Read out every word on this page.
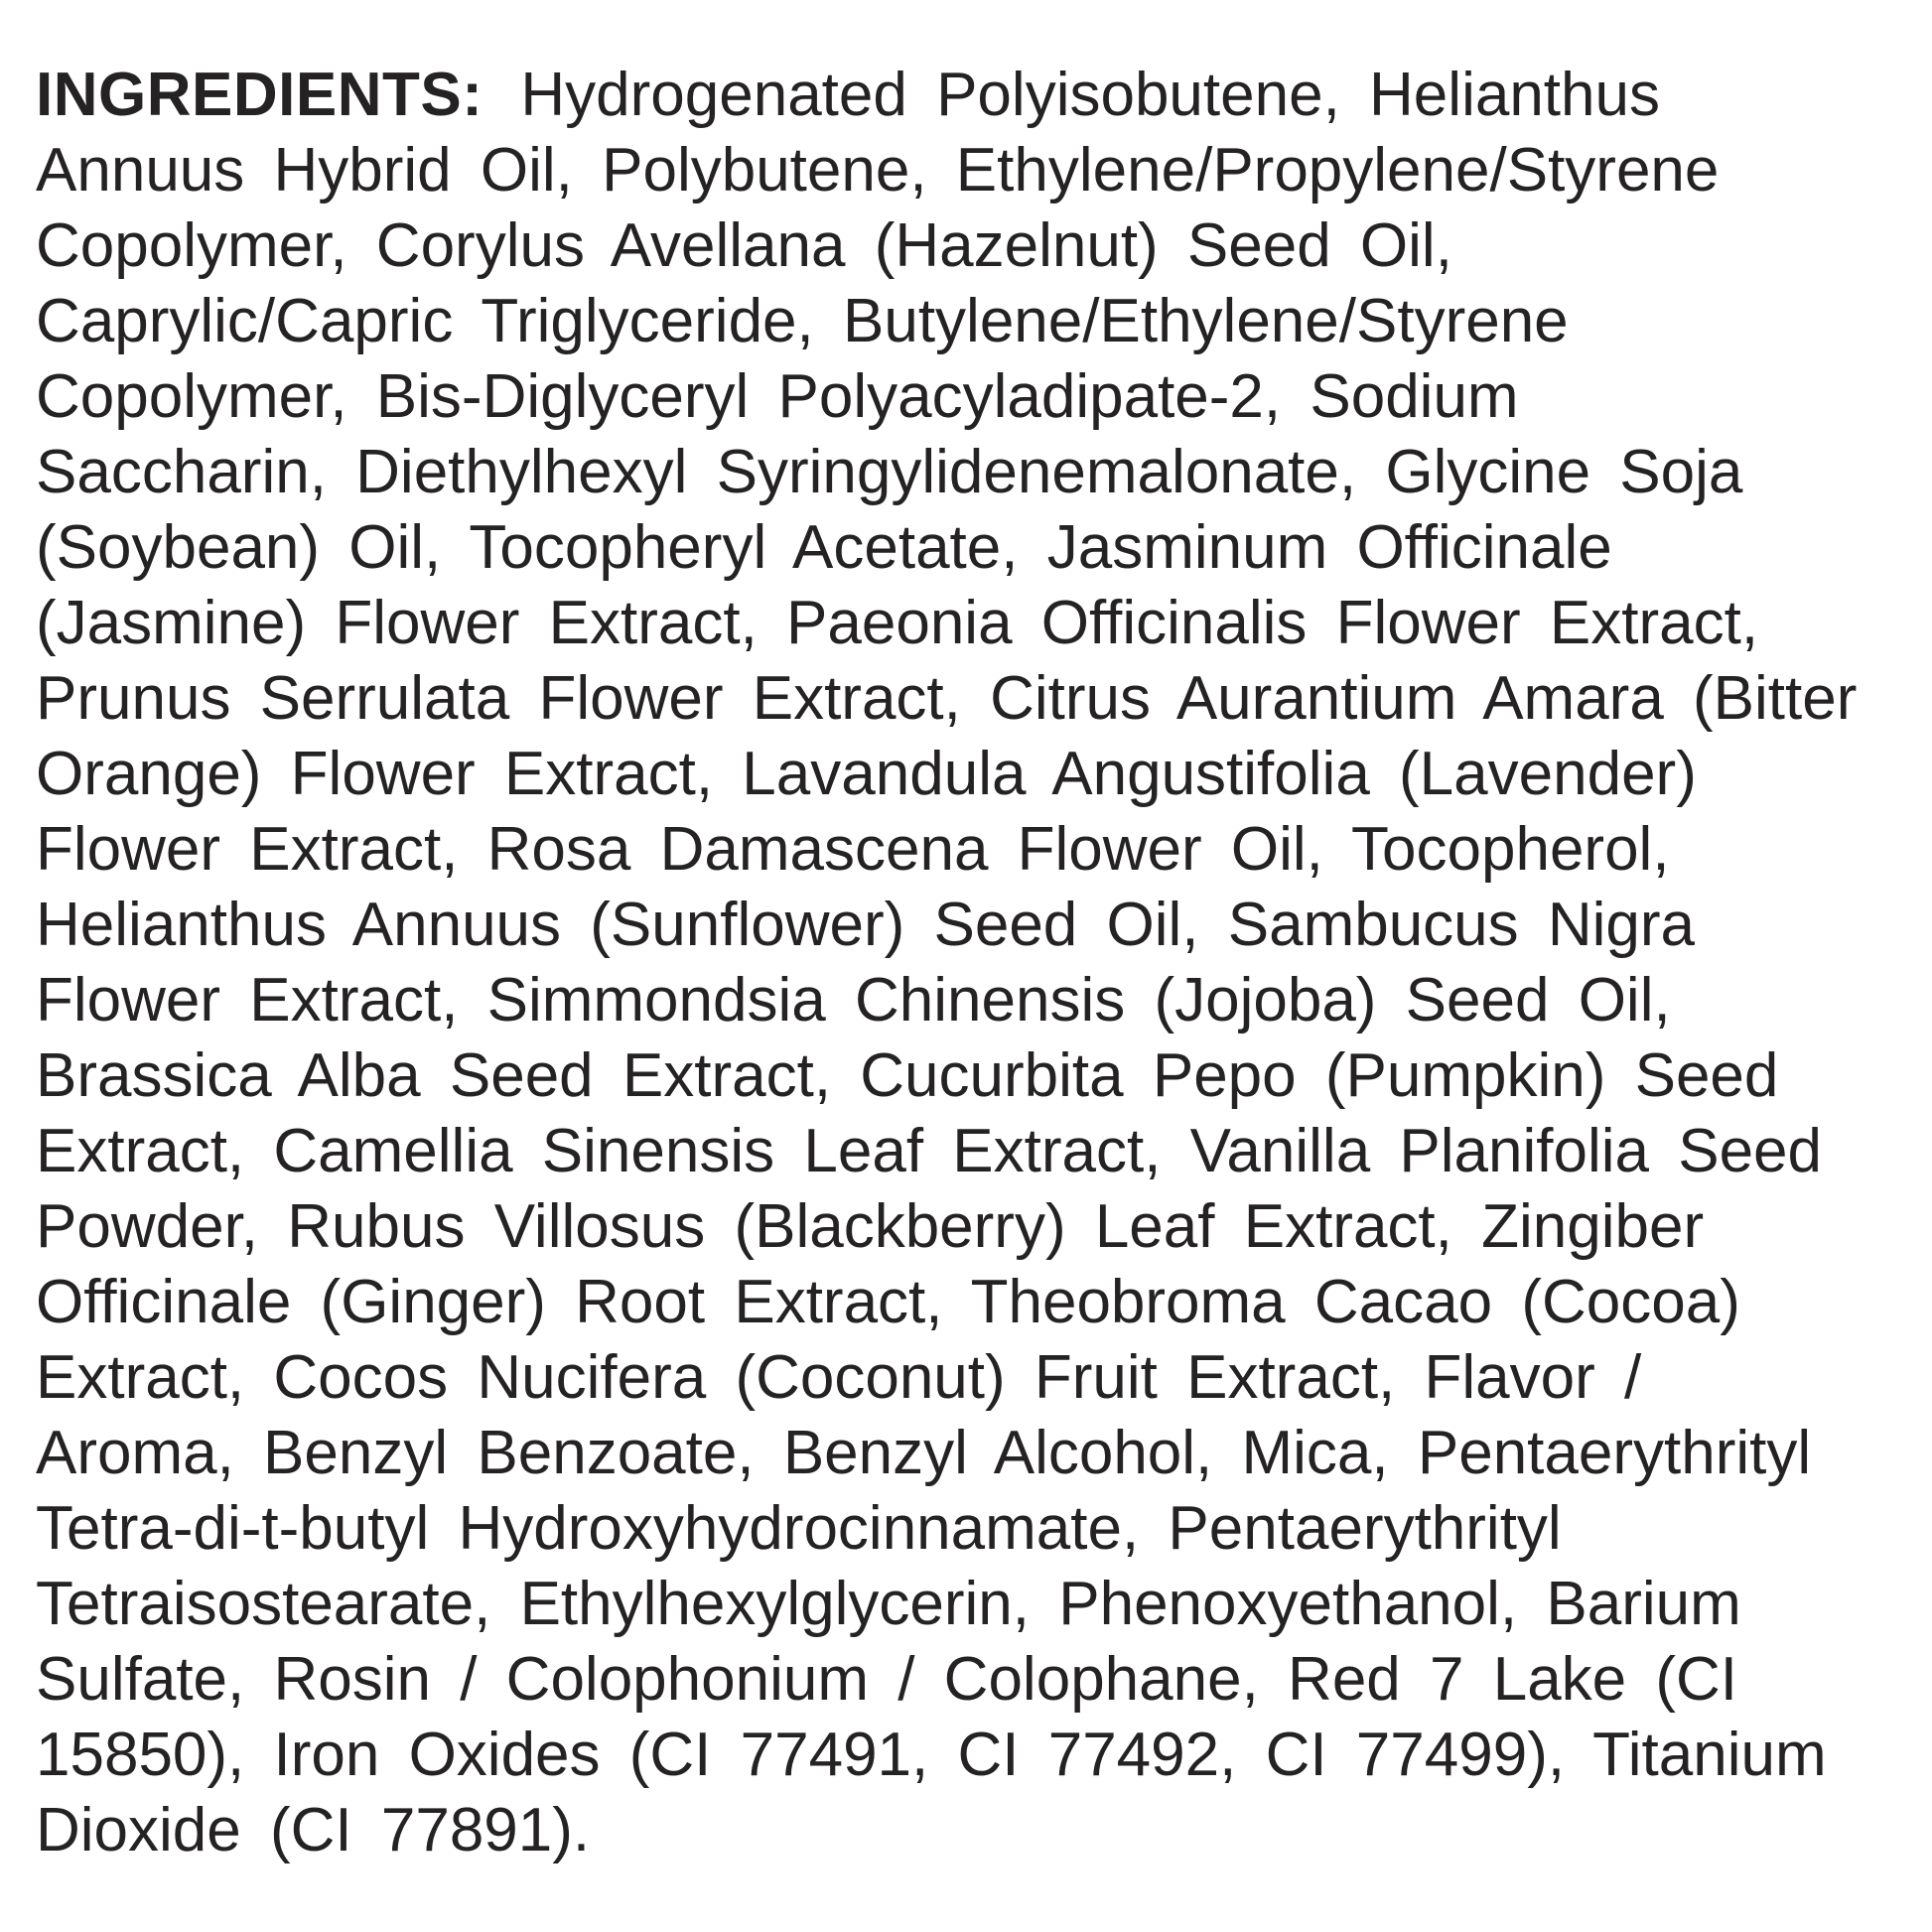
INGREDIENTS: Hydrogenated Polyisobutene, Helianthus
Annuus Hybrid Oil, Polybutene, Ethylene/Propylene/Styrene
Copolymer, Corylus Avellana (Hazelnut) Seed Oil,
Caprylic/Capric Triglyceride, Butylene/Ethylene/Styrene
Copolymer, Bis-Diglyceryl Polyacyladipate-2, Sodium
Saccharin, Diethylhexyl Syringylidenemalonate, Glycine Soja
(Soybean) Oil, Tocopheryl Acetate, Jasminum Officinale
(Jasmine) Flower Extract, Paeonia Officinalis Flower Extract,
Prunus Serrulata Flower Extract, Citrus Aurantium Amara (Bitter
Orange) Flower Extract, Lavandula Angustifolia (Lavender)
Flower Extract, Rosa Damascena Flower Oil, Tocopherol,
Helianthus Annuus (Sunflower) Seed Oil, Sambucus Nigra
Flower Extract, Simmondsia Chinensis (Jojoba) Seed Oil,
Brassica Alba Seed Extract, Cucurbita Pepo (Pumpkin) Seed
Extract, Camellia Sinensis Leaf Extract, Vanilla Planifolia Seed
Powder, Rubus Villosus (Blackberry) Leaf Extract, Zingiber
Officinale (Ginger) Root Extract, Theobroma Cacao (Cocoa)
Extract, Cocos Nucifera (Coconut) Fruit Extract, Flavor /
Aroma, Benzyl Benzoate, Benzyl Alcohol, Mica, Pentaerythrityl
Tetra-di-t-butyl Hydroxyhydrocinnamate, Pentaerythrityl
Tetraisostearate, Ethylhexylglycerin, Phenoxyethanol, Barium
Sulfate, Rosin / Colophonium / Colophane, Red 7 Lake (CI
15850), Iron Oxides (CI 77491, CI 77492, CI 77499), Titanium
Dioxide (CI 77891).
